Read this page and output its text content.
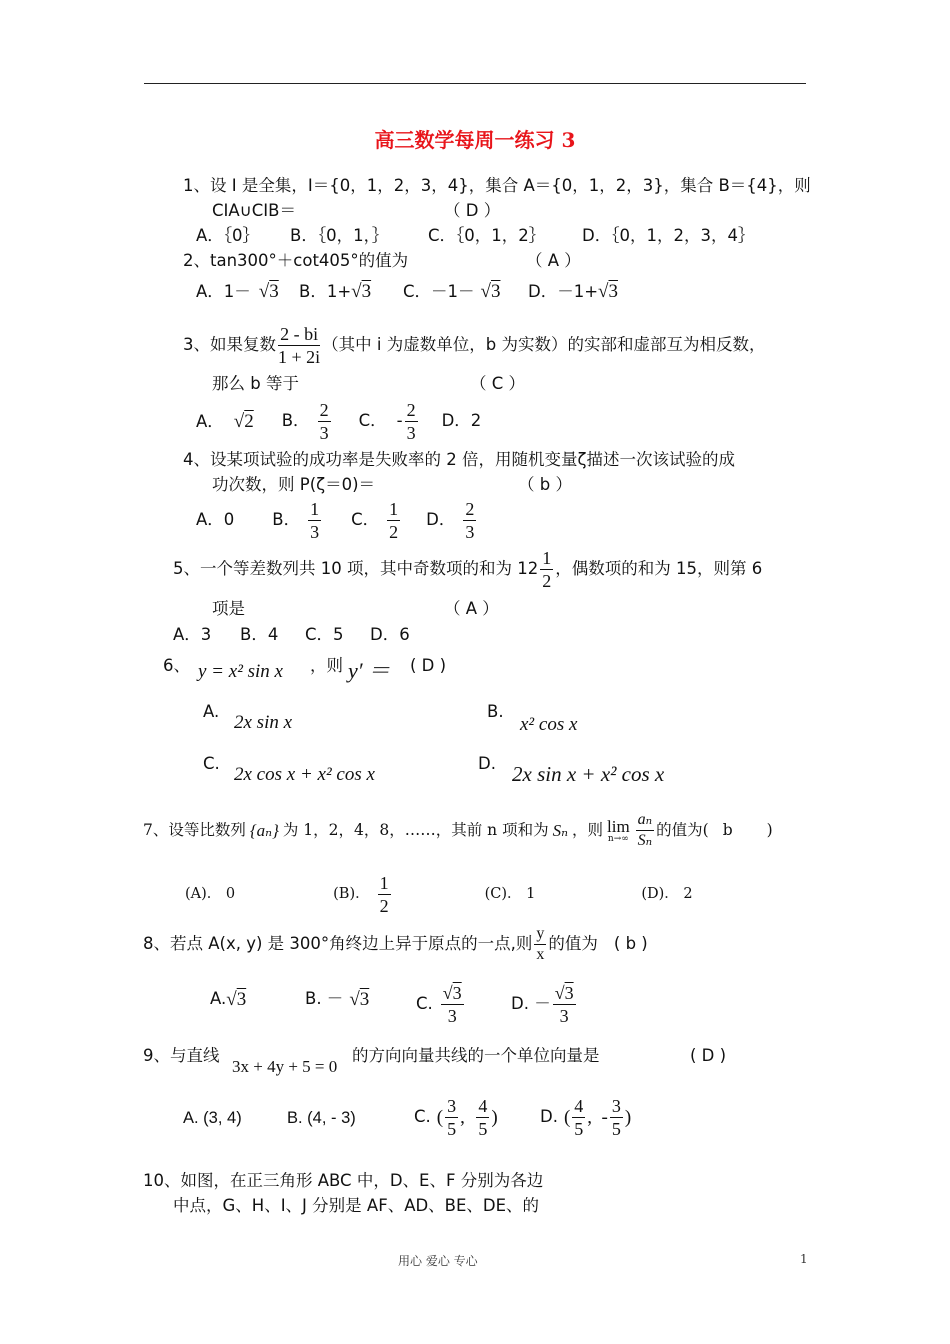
高三数学每周一练习 3
1、设 I 是全集，I＝{0，1，2，3，4}，集合 A＝{0，1，2，3}，集合 B＝{4}，则
CIA∪CIB＝	（ D ）
A．｛0｝ B．｛0，1，｝ C．｛0，1，2｝ D．｛0，1，2，3，4｝
2、tan300°＋cot405°的值为	（ A ）
A．1－ √3 B．1+√3 C．－1－ √3 D．－1+√3
3、如果复数
2 - bi
1 + 2i
（其中 i 为虚数单位，b 为实数）的实部和虚部互为相反数，
那么 b 等于	（ C ）
A． √2 B．
2
3
C． -
2
3
D．2
4、设某项试验的成功率是失败率的 2 倍，用随机变量ζ描述一次该试验的成
功次数，则 P(ζ＝0)＝	（ b ）
A．0 B．
1
3
C．
1
2
D．
2
3
5、一个等差数列共 10 项，其中奇数项的和为 12
1
2
，偶数项的和为 15，则第 6
项是	（ A ）
A．3 B．4 C．5 D．6
6、 y = x² sin x ，则 y′ ＝ ( D )
A.
2x sin x
B.
x² cos x
C.
2x cos x + x² cos x
D. 2x sin x + x² cos x
7、设等比数列 {aₙ} 为 1，2，4，8，……，其前 n 项和为 Sₙ ，则 lim
n→∞
aₙ
Sₙ
的值为( b )
(A)． 0	(B)．
1
2
(C)． 1	(D)． 2
8、若点 A(x, y) 是 300°角终边上异于原点的一点,则
y
x
的值为 ( b )
A. √3	B. － √3	C.
√3
3
D. －
√3
3
9、与直线
3x + 4y + 5 = 0
的方向向量共线的一个单位向量是	( D )
A. (3, 4)	B. (4, - 3)	C. (
3
5
,
4
5
)	D. (
4
5
,  -
3
5
)
10、如图，在正三角形 ABC 中，D、E、F 分别为各边
中点，G、H、I、J 分别是 AF、AD、BE、DE、的
用心 爱心 专心	1
